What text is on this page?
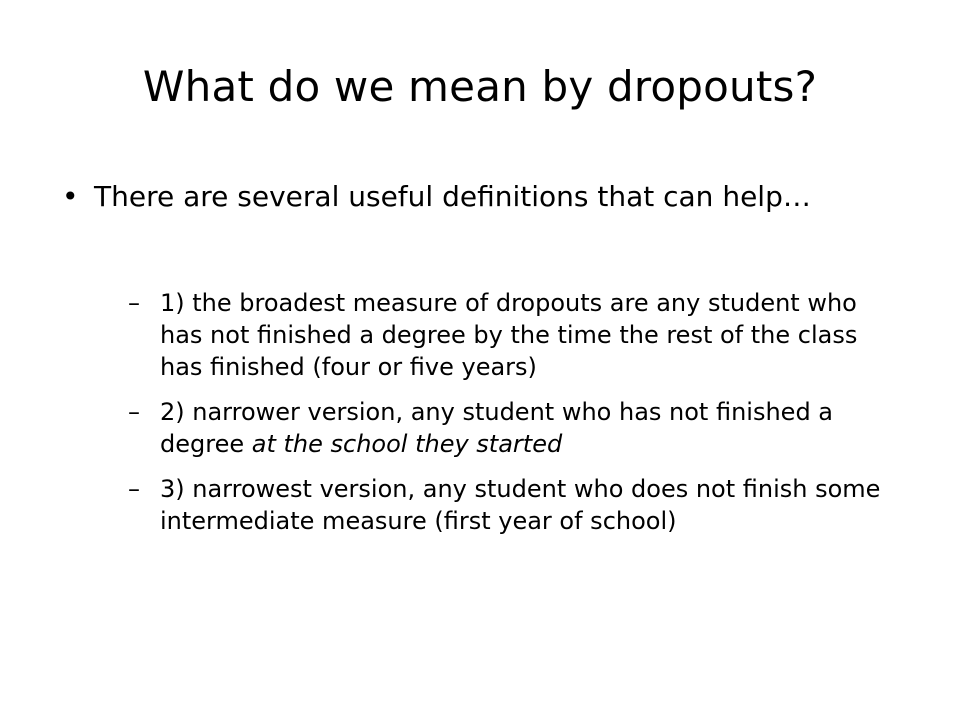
What do we mean by dropouts?
• There are several useful definitions that can help…
– 1) the broadest measure of dropouts are any student who has not finished a degree by the time the rest of the class has finished (four or five years)
– 2) narrower version, any student who has not finished a degree at the school they started
– 3) narrowest version, any student who does not finish some intermediate measure (first year of school)
